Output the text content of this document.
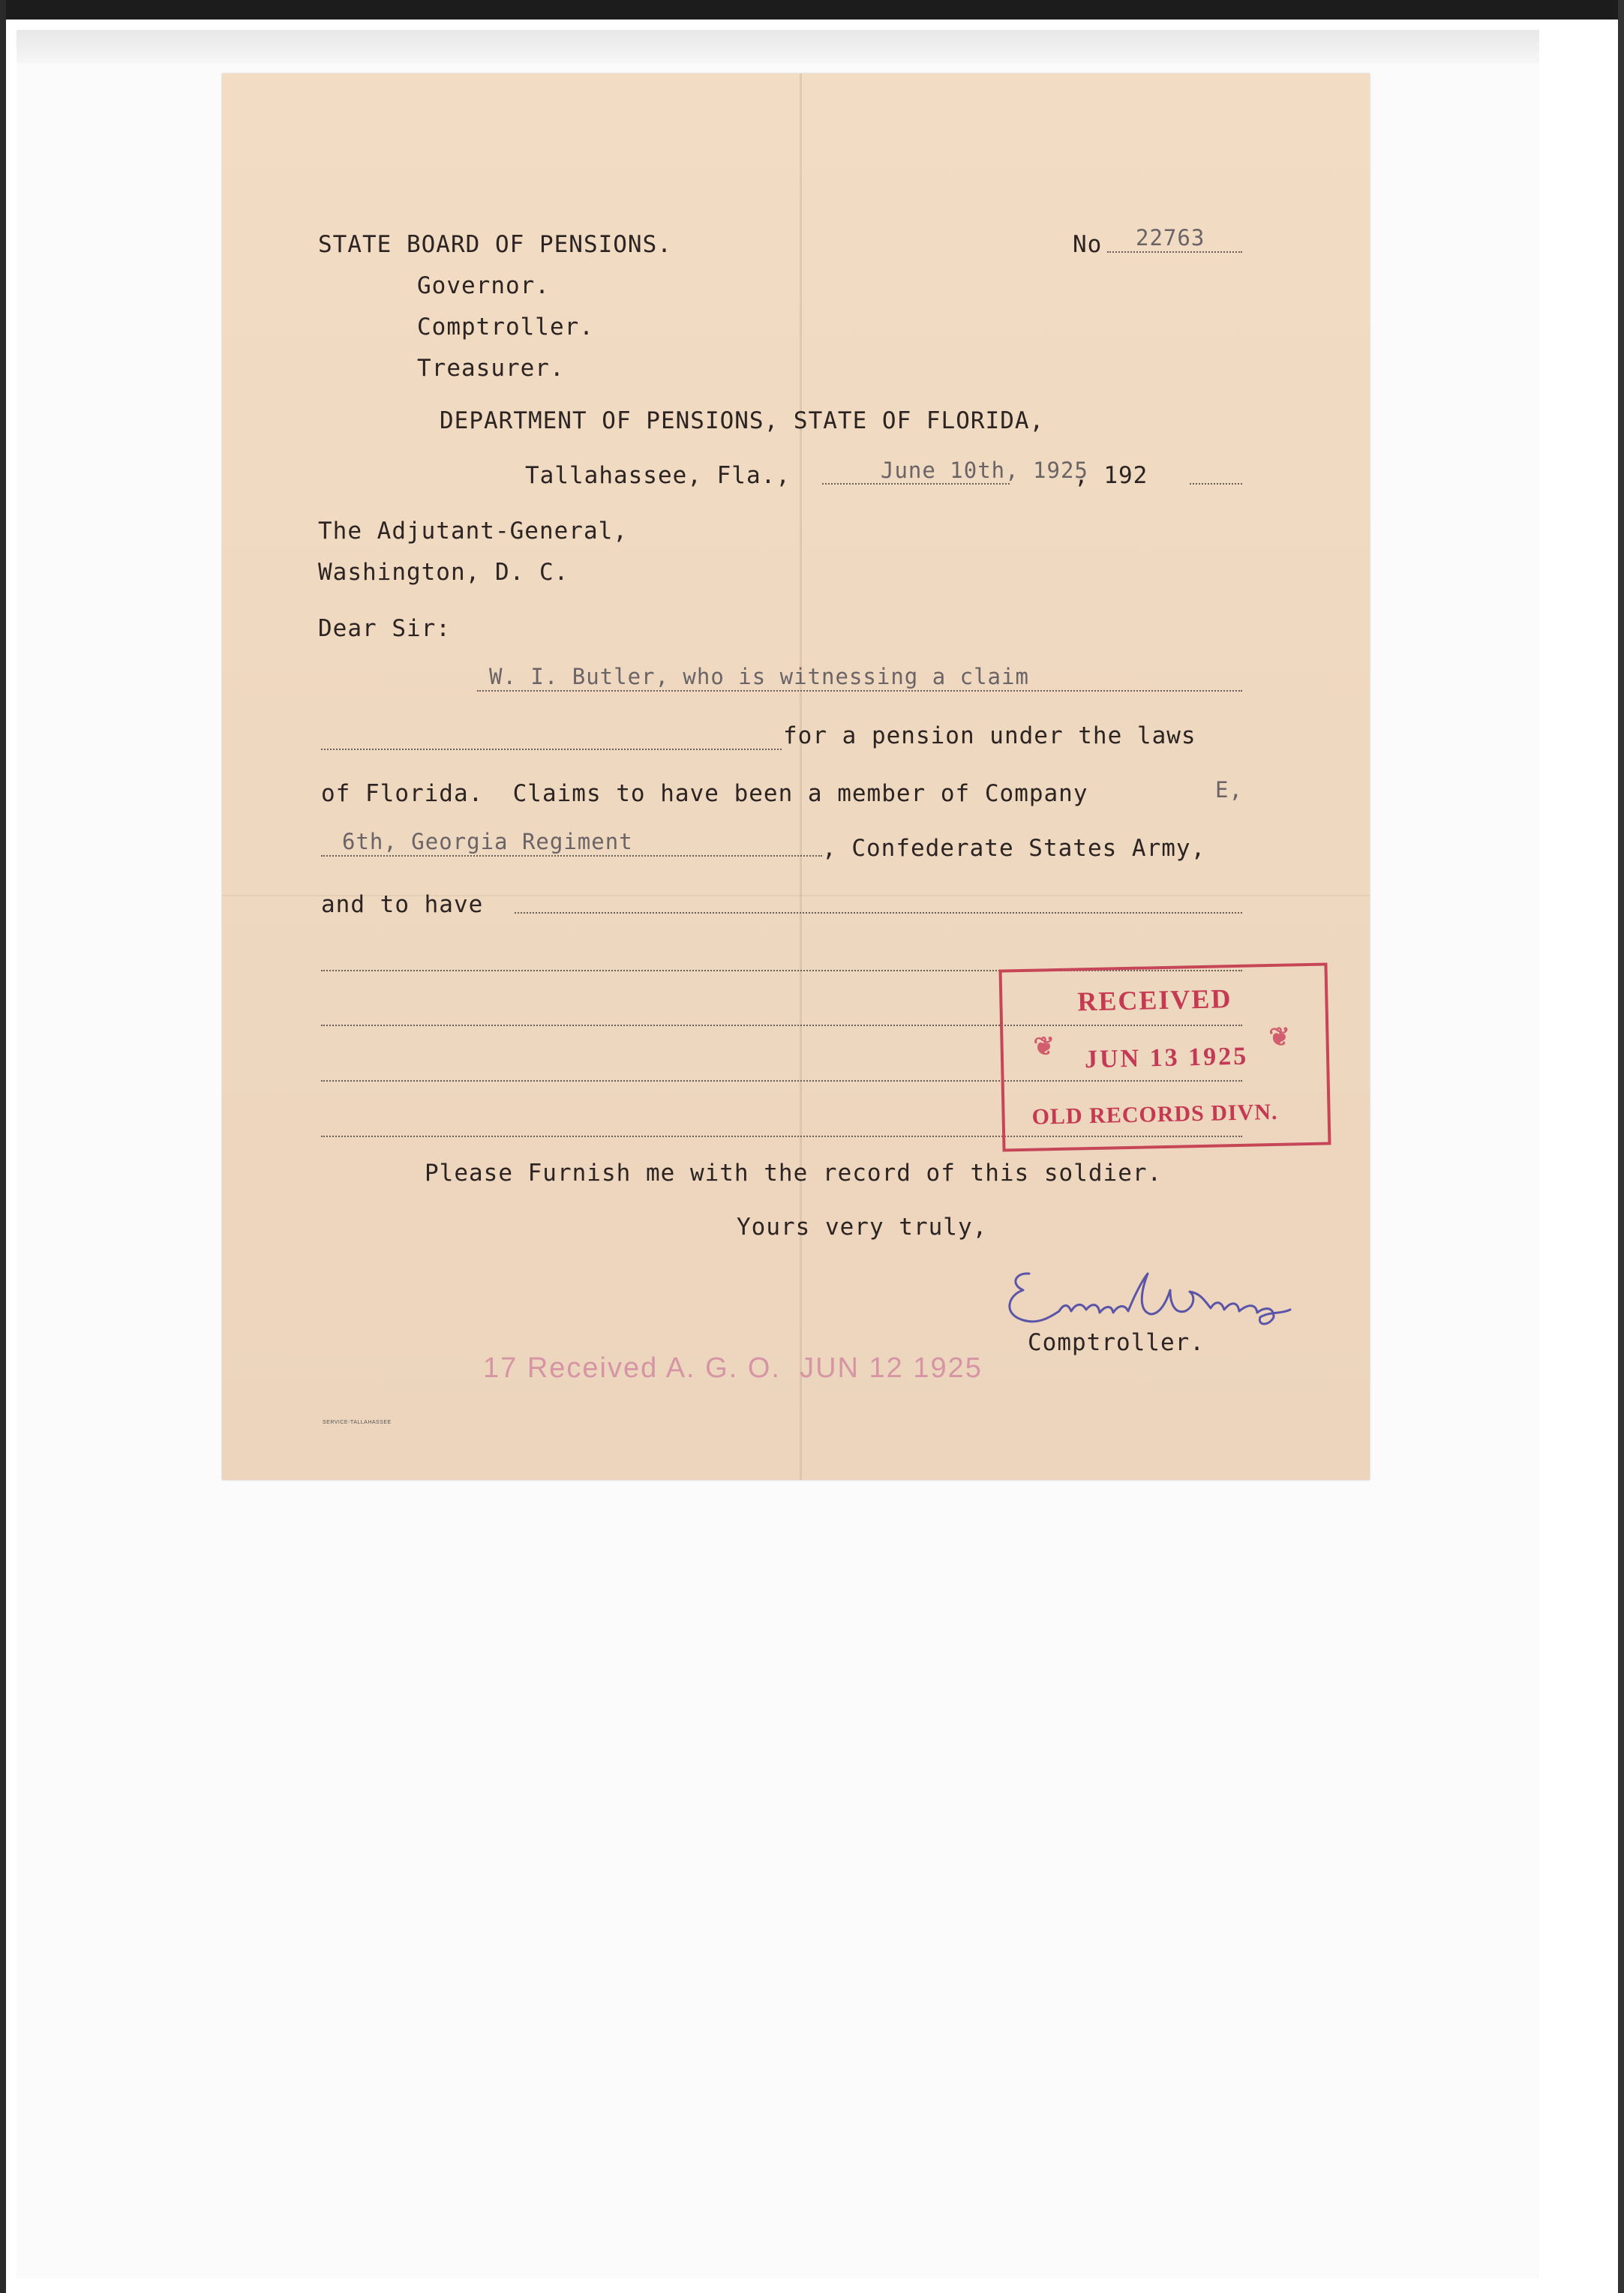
STATE BOARD OF PENSIONS.
Governor.
Comptroller.
Treasurer.
No 22763
DEPARTMENT OF PENSIONS, STATE OF FLORIDA,
Tallahassee, Fla.,	June 10th, 1925
, 192
The Adjutant-General,
Washington, D. C.
Dear Sir:
W. I. Butler, who is witnessing a claim
for a pension under the laws
of Florida.  Claims to have been a member of Company	E,
6th, Georgia Regiment	, Confederate States Army,
and to have
Please Furnish me with the record of this soldier.
Yours very truly,
Comptroller.
RECEIVED
❦ JUN 13 1925
❦
OLD RECORDS DIVN.
17 Received A. G. O.  JUN 12 1925
SERVICE-TALLAHASSEE
